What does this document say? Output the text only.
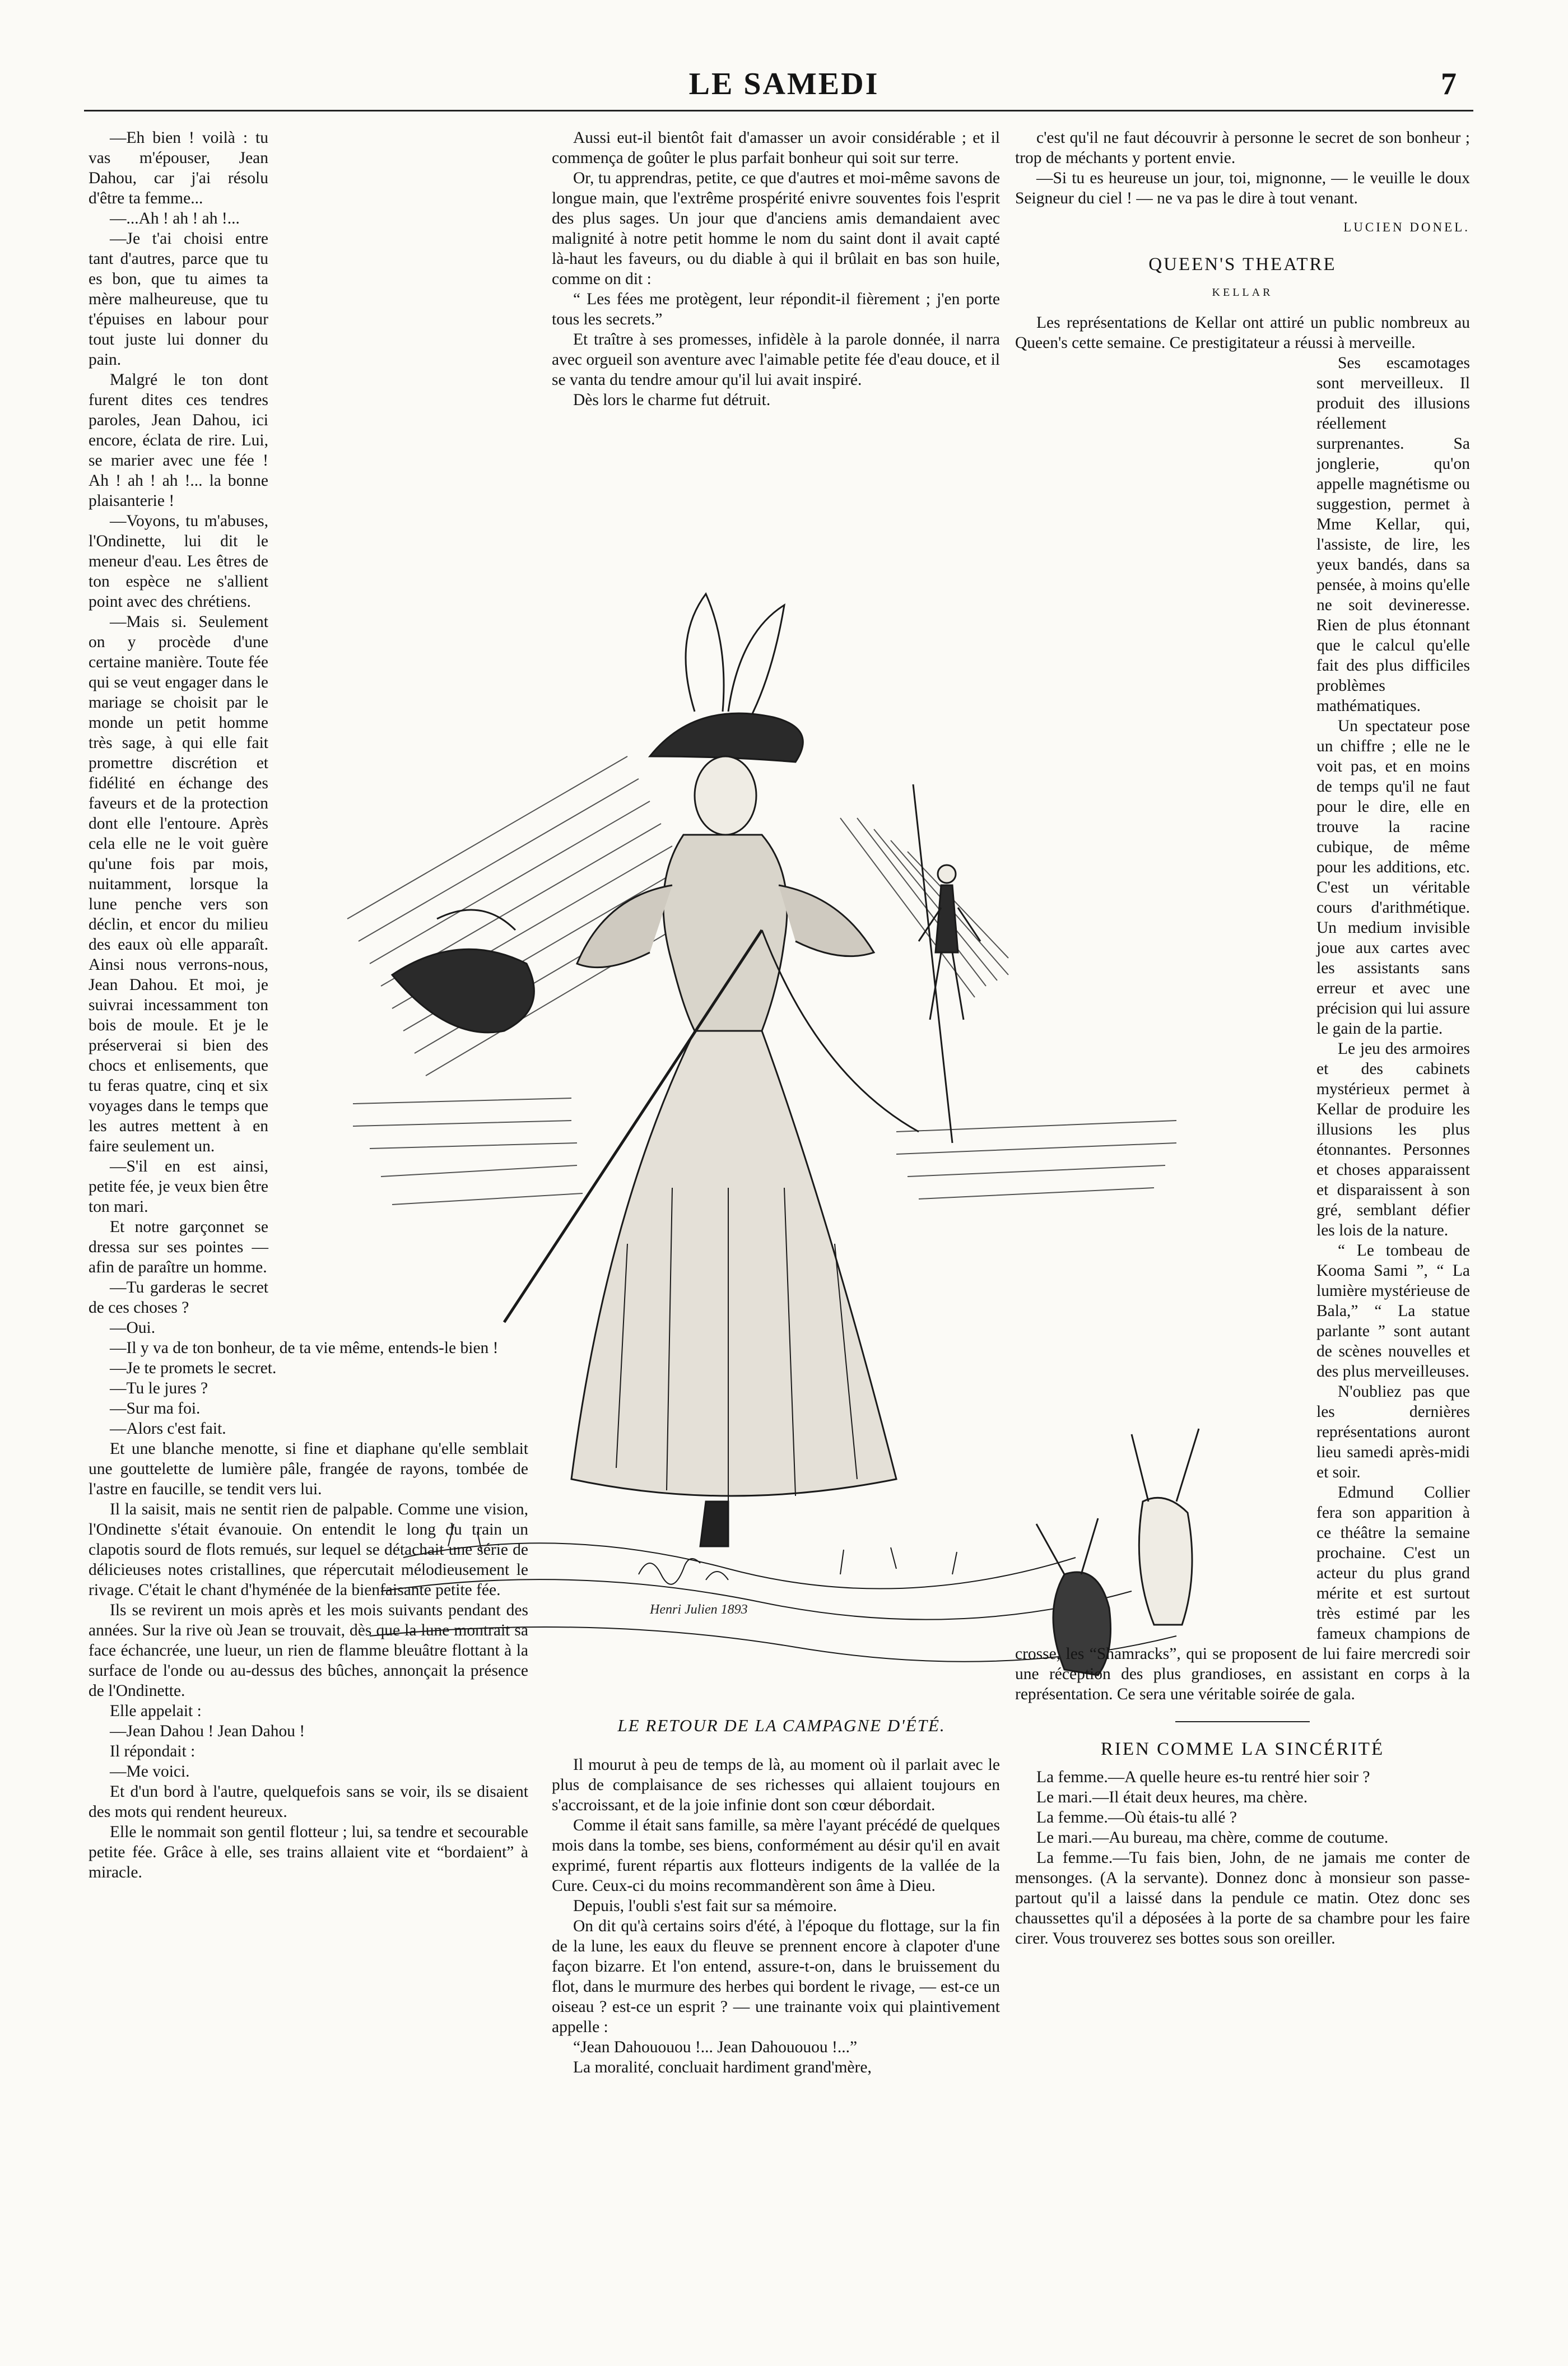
LE SAMEDI	7

—Eh bien ! voilà : tu vas m'épouser, Jean Dahou, car j'ai résolu d'être ta femme...

—...Ah ! ah ! ah !...

—Je t'ai choisi entre tant d'autres, parce que tu es bon, que tu aimes ta mère malheureuse, que tu t'épuises en labour pour tout juste lui donner du pain.

Malgré le ton dont furent dites ces tendres paroles, Jean Dahou, ici encore, éclata de rire. Lui, se marier avec une fée ! Ah ! ah ! ah !... la bonne plaisanterie !

—Voyons, tu m'abuses, l'Ondinette, lui dit le meneur d'eau. Les êtres de ton espèce ne s'allient point avec des chrétiens.

—Mais si. Seulement on y procède d'une certaine manière. Toute fée qui se veut engager dans le mariage se choisit par le monde un petit homme très sage, à qui elle fait promettre discrétion et fidélité en échange des faveurs et de la protection dont elle l'entoure. Après cela elle ne le voit guère qu'une fois par mois, nuitamment, lorsque la lune penche vers son déclin, et encor du milieu des eaux où elle apparaît. Ainsi nous verrons-nous, Jean Dahou. Et moi, je suivrai incessamment ton bois de moule. Et je le préserverai si bien des chocs et enlisements, que tu feras quatre, cinq et six voyages dans le temps que les autres mettent à en faire seulement un.

—S'il en est ainsi, petite fée, je veux bien être ton mari.

Et notre garçonnet se dressa sur ses pointes — afin de paraître un homme.

—Tu garderas le secret de ces choses ?

—Oui.

—Il y va de ton bonheur, de ta vie même, entends-le bien !

—Je te promets le secret.

—Tu le jures ?

—Sur ma foi.

—Alors c'est fait.

Et une blanche menotte, si fine et diaphane qu'elle semblait une gouttelette de lumière pâle, frangée de rayons, tombée de l'astre en faucille, se tendit vers lui.

Il la saisit, mais ne sentit rien de palpable. Comme une vision, l'Ondinette s'était évanouie. On entendit le long du train un clapotis sourd de flots remués, sur lequel se détachait une série de délicieuses notes cristallines, que répercutait mélodieusement le rivage. C'était le chant d'hyménée de la bienfaisante petite fée.

Ils se revirent un mois après et les mois suivants pendant des années. Sur la rive où Jean se trouvait, dès que la lune montrait sa face échancrée, une lueur, un rien de flamme bleuâtre flottant à la surface de l'onde ou au-dessus des bûches, annonçait la présence de l'Ondinette.

Elle appelait :

—Jean Dahou ! Jean Dahou !

Il répondait :

—Me voici.

Et d'un bord à l'autre, quelquefois sans se voir, ils se disaient des mots qui rendent heureux.

Elle le nommait son gentil flotteur ; lui, sa tendre et secourable petite fée. Grâce à elle, ses trains allaient vite et “bordaient” à miracle.

Aussi eut-il bientôt fait d'amasser un avoir considérable ; et il commença de goûter le plus parfait bonheur qui soit sur terre.

Or, tu apprendras, petite, ce que d'autres et moi-même savons de longue main, que l'extrême prospérité enivre souventes fois l'esprit des plus sages. Un jour que d'anciens amis demandaient avec malignité à notre petit homme le nom du saint dont il avait capté là-haut les faveurs, ou du diable à qui il brûlait en bas son huile, comme on dit :

“ Les fées me protègent, leur répondit-il fièrement ; j'en porte tous les secrets.”

Et traître à ses promesses, infidèle à la parole donnée, il narra avec orgueil son aventure avec l'aimable petite fée d'eau douce, et il se vanta du tendre amour qu'il lui avait inspiré.

Dès lors le charme fut détruit.

Henri Julien 1893
LE RETOUR DE LA CAMPAGNE D'ÉTÉ.

Il mourut à peu de temps de là, au moment où il parlait avec le plus de complaisance de ses richesses qui allaient toujours en s'accroissant, et de la joie infinie dont son cœur débordait.

Comme il était sans famille, sa mère l'ayant précédé de quelques mois dans la tombe, ses biens, conformément au désir qu'il en avait exprimé, furent répartis aux flotteurs indigents de la vallée de la Cure. Ceux-ci du moins recommandèrent son âme à Dieu.

Depuis, l'oubli s'est fait sur sa mémoire.

On dit qu'à certains soirs d'été, à l'époque du flottage, sur la fin de la lune, les eaux du fleuve se prennent encore à clapoter d'une façon bizarre. Et l'on entend, assure-t-on, dans le bruissement du flot, dans le murmure des herbes qui bordent le rivage, — est-ce un oiseau ? est-ce un esprit ? — une trainante voix qui plaintivement appelle :

“Jean Dahououou !... Jean Dahououou !...”

La moralité, concluait hardiment grand'mère,

c'est qu'il ne faut découvrir à personne le secret de son bonheur ; trop de méchants y portent envie.

—Si tu es heureuse un jour, toi, mignonne, — le veuille le doux Seigneur du ciel ! — ne va pas le dire à tout venant.

LUCIEN DONEL.
QUEEN'S THEATRE
KELLAR

Les représentations de Kellar ont attiré un public nombreux au Queen's cette semaine. Ce prestigitateur a réussi à merveille.

Ses escamotages sont merveilleux. Il produit des illusions réellement surprenantes. Sa jonglerie, qu'on appelle magnétisme ou suggestion, permet à Mme Kellar, qui, l'assiste, de lire, les yeux bandés, dans sa pensée, à moins qu'elle ne soit devineresse. Rien de plus étonnant que le calcul qu'elle fait des plus difficiles problèmes mathématiques.

Un spectateur pose un chiffre ; elle ne le voit pas, et en moins de temps qu'il ne faut pour le dire, elle en trouve la racine cubique, de même pour les additions, etc. C'est un véritable cours d'arithmétique. Un medium invisible joue aux cartes avec les assistants sans erreur et avec une précision qui lui assure le gain de la partie.

Le jeu des armoires et des cabinets mystérieux permet à Kellar de produire les illusions les plus étonnantes. Personnes et choses apparaissent et disparaissent à son gré, semblant défier les lois de la nature.

“ Le tombeau de Kooma Sami ”, “ La lumière mystérieuse de Bala,” “ La statue parlante ” sont autant de scènes nouvelles et des plus merveilleuses.

N'oubliez pas que les dernières représentations auront lieu samedi après-midi et soir.

Edmund Collier fera son apparition à ce théâtre la semaine prochaine. C'est un acteur du plus grand mérite et est surtout très estimé par les fameux champions de crosse, les “Shamracks”, qui se proposent de lui faire mercredi soir une réception des plus grandioses, en assistant en corps à la représentation. Ce sera une véritable soirée de gala.

RIEN COMME LA SINCÉRITÉ

La femme.—A quelle heure es-tu rentré hier soir ?

Le mari.—Il était deux heures, ma chère.

La femme.—Où étais-tu allé ?

Le mari.—Au bureau, ma chère, comme de coutume.

La femme.—Tu fais bien, John, de ne jamais me conter de mensonges. (A la servante). Donnez donc à monsieur son passe-partout qu'il a laissé dans la pendule ce matin. Otez donc ses chaussettes qu'il a déposées à la porte de sa chambre pour les faire cirer. Vous trouverez ses bottes sous son oreiller.
